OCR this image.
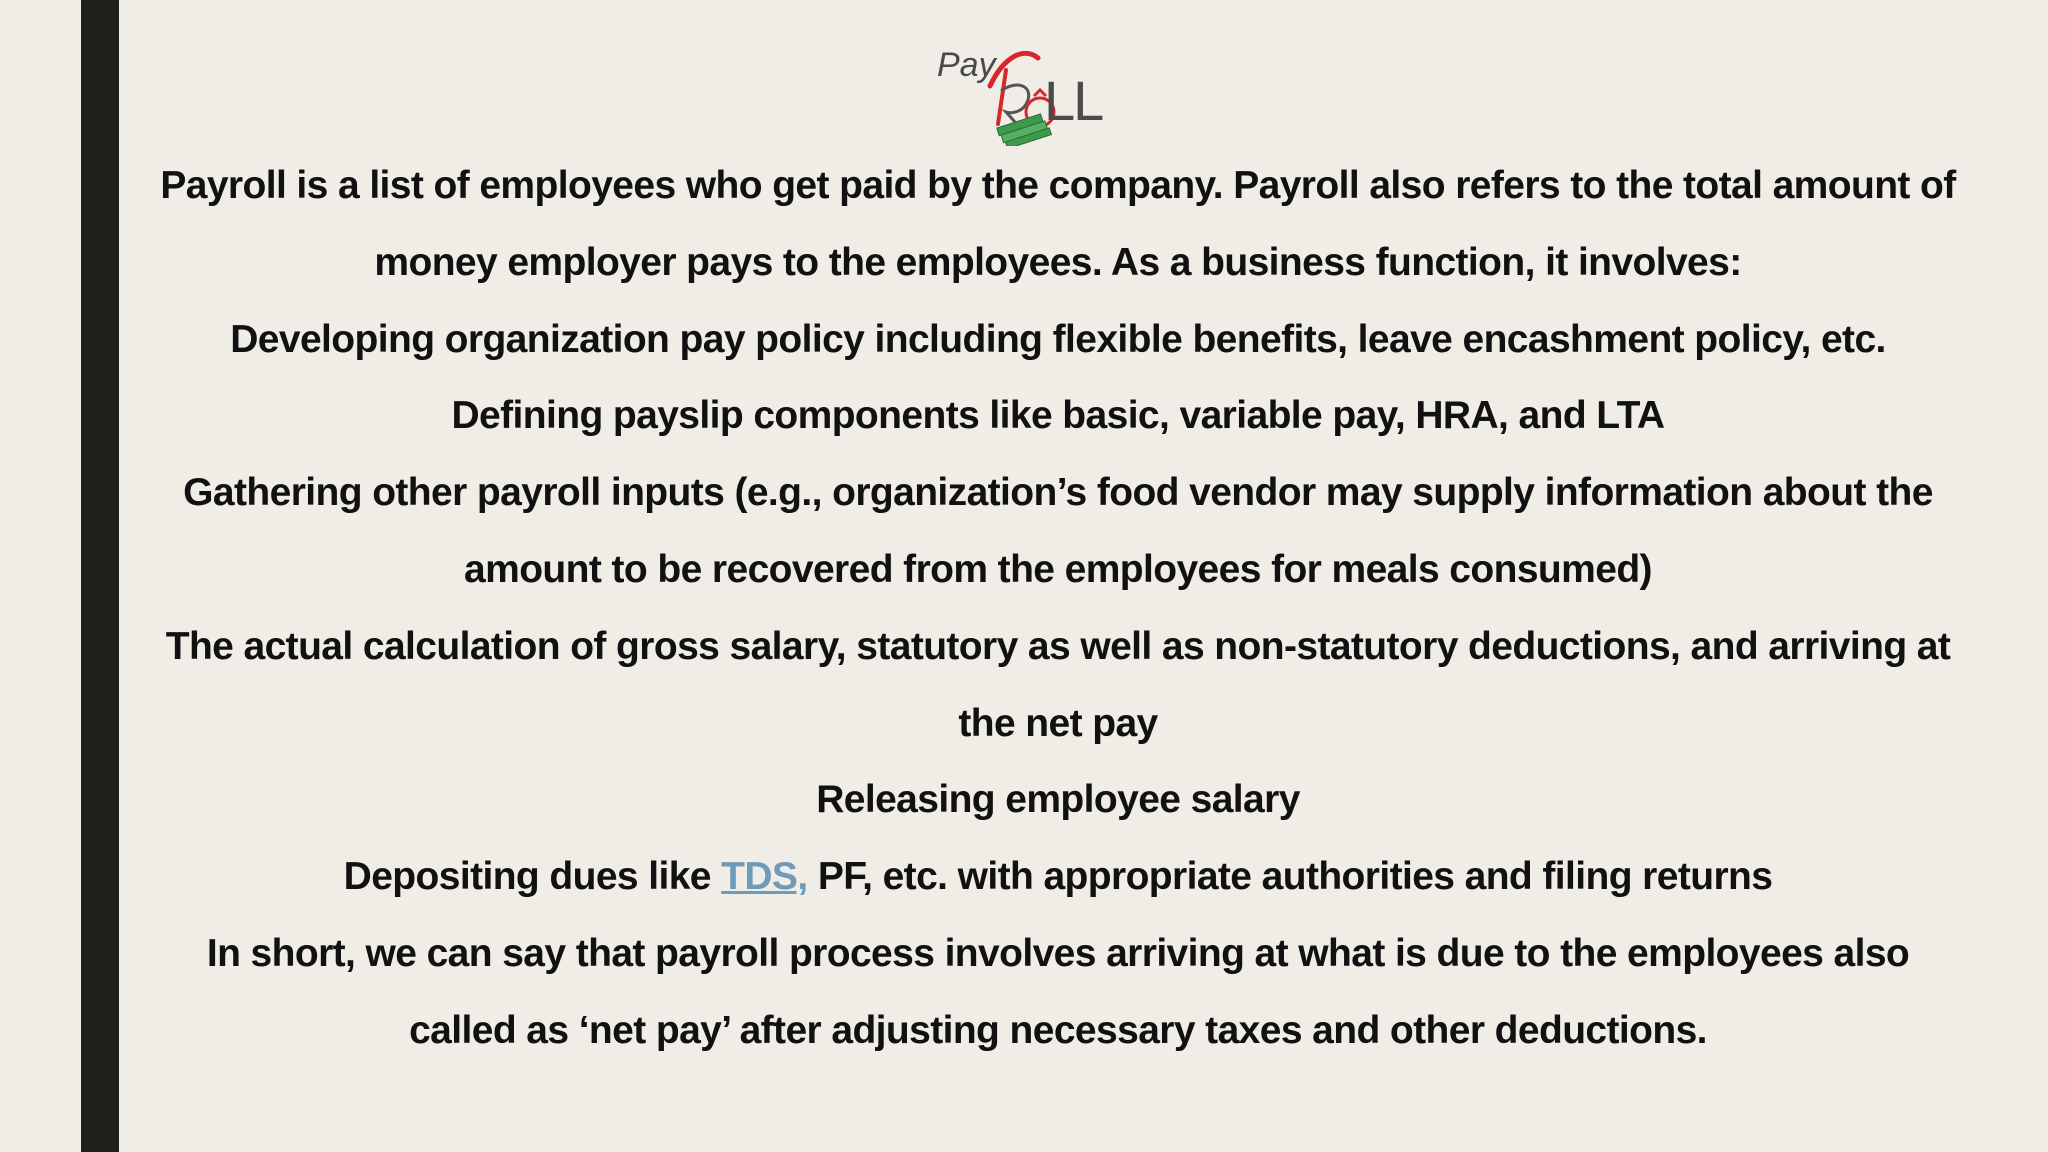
Pay
LL

Payroll is a list of employees who get paid by the company. Payroll also refers to the total amount of money employer pays to the employees. As a business function, it involves:

Developing organization pay policy including flexible benefits, leave encashment policy, etc.

Defining payslip components like basic, variable pay, HRA, and LTA

Gathering other payroll inputs (e.g., organization’s food vendor may supply information about the amount to be recovered from the employees for meals consumed)

The actual calculation of gross salary, statutory as well as non-statutory deductions, and arriving at the net pay

Releasing employee salary

Depositing dues like TDS, PF, etc. with appropriate authorities and filing returns

In short, we can say that payroll process involves arriving at what is due to the employees also called as ‘net pay’ after adjusting necessary taxes and other deductions.
